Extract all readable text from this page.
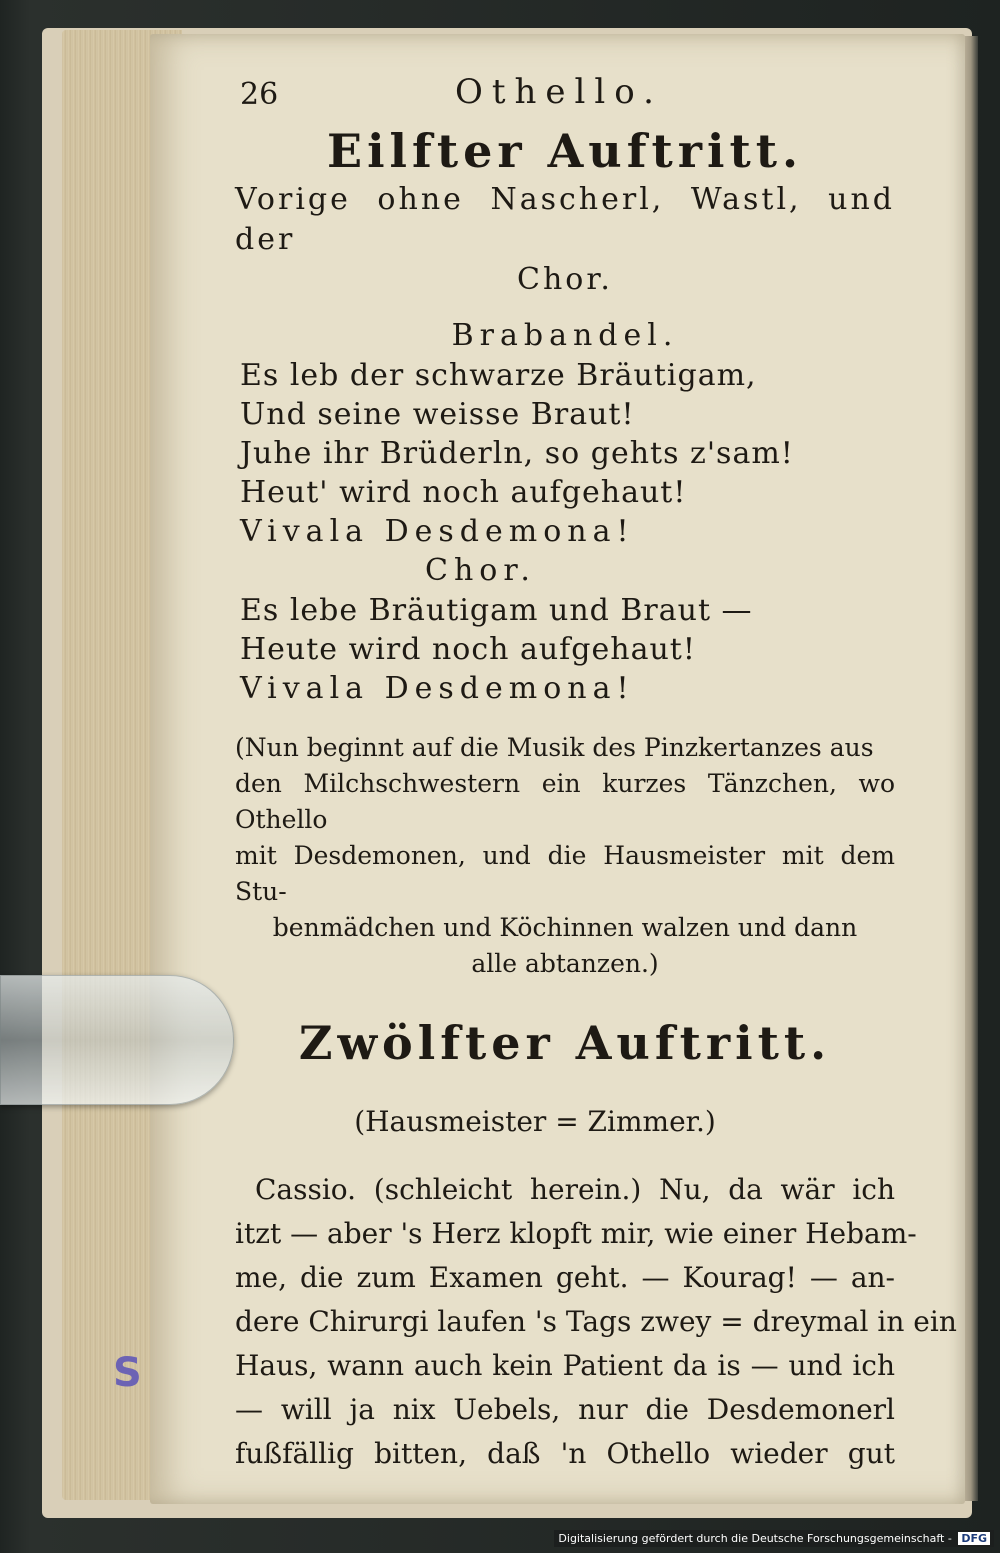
26	Othello.
Eilfter Auftritt.
Vorige ohne Nascherl, Wastl, und der
Chor.
Brabandel.
Es leb der schwarze Bräutigam,
Und seine weisse Braut!
Juhe ihr Brüderln, so gehts z'sam!
Heut' wird noch aufgehaut!
Vivala Desdemona!
Chor.
Es lebe Bräutigam und Braut —
Heute wird noch aufgehaut!
Vivala Desdemona!
(Nun beginnt auf die Musik des Pinzkertanzes aus
den Milchschwestern ein kurzes Tänzchen, wo Othello
mit Desdemonen, und die Hausmeister mit dem Stu-
benmädchen und Köchinnen walzen und dann
alle abtanzen.)
Zwölfter Auftritt.
(Hausmeister = Zimmer.)
Cassio. (schleicht herein.) Nu, da wär ich
itzt — aber 's Herz klopft mir, wie einer Hebam-
me, die zum Examen geht. — Kourag! — an-
dere Chirurgi laufen 's Tags zwey = dreymal in ein
Haus, wann auch kein Patient da is — und ich
— will ja nix Uebels, nur die Desdemonerl
fußfällig bitten, daß 'n Othello wieder gut
S
Digitalisierung gefördert durch die Deutsche Forschungsgemeinschaft - DFG
